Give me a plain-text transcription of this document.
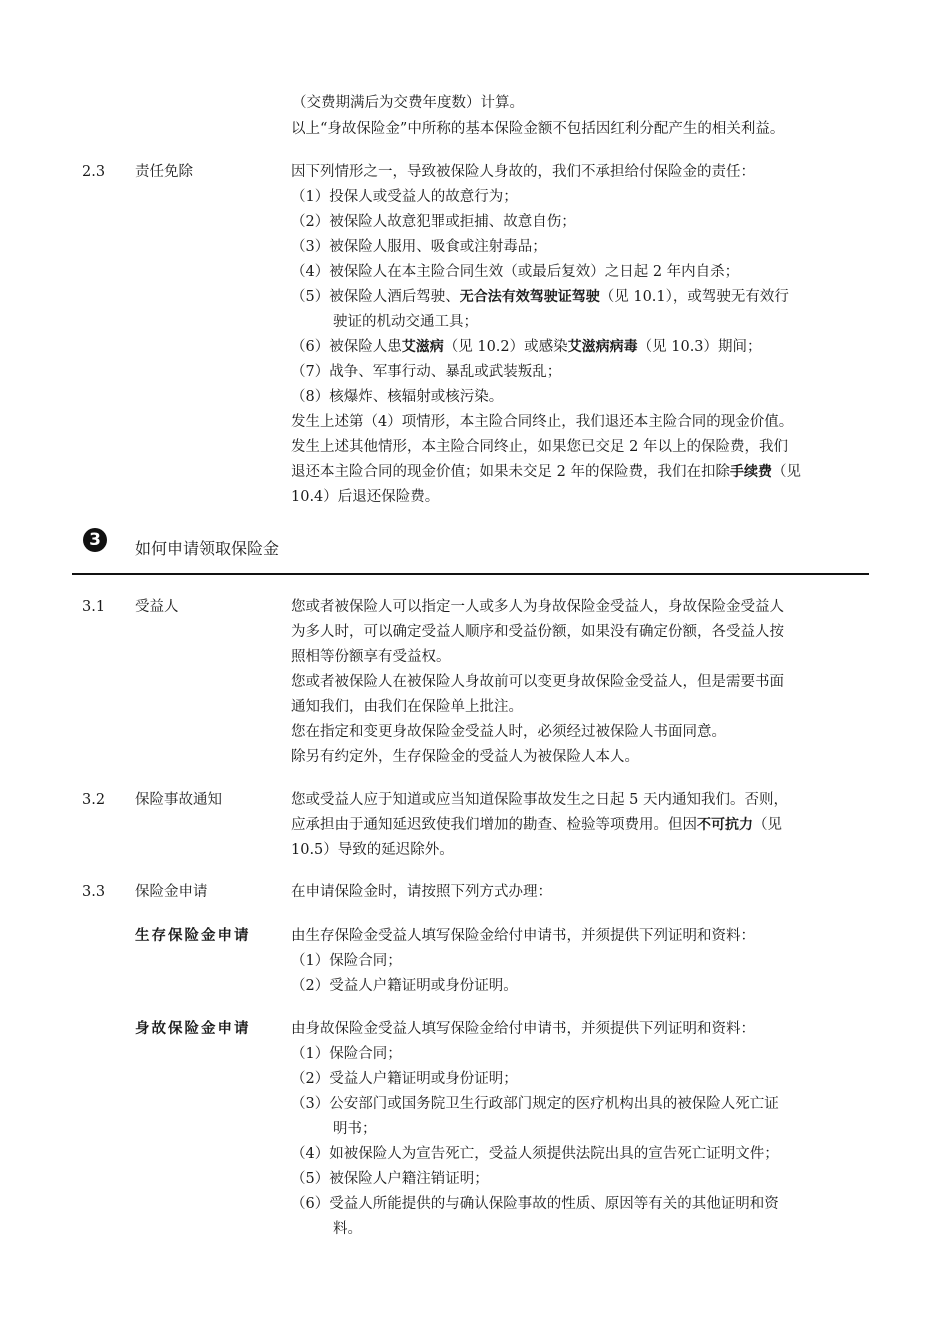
（交费期满后为交费年度数）计算。
以上“身故保险金”中所称的基本保险金额不包括因红利分配产生的相关利益。
2.3 责任免除	因下列情形之一，导致被保险人身故的，我们不承担给付保险金的责任：
（1）投保人或受益人的故意行为；
（2）被保险人故意犯罪或拒捕、故意自伤；
（3）被保险人服用、吸食或注射毒品；
（4）被保险人在本主险合同生效（或最后复效）之日起 2 年内自杀；
（5）被保险人酒后驾驶、无合法有效驾驶证驾驶（见 10.1），或驾驶无有效行
驶证的机动交通工具；
（6）被保险人患艾滋病（见 10.2）或感染艾滋病病毒（见 10.3）期间；
（7）战争、军事行动、暴乱或武装叛乱；
（8）核爆炸、核辐射或核污染。
发生上述第（4）项情形，本主险合同终止，我们退还本主险合同的现金价值。
发生上述其他情形，本主险合同终止，如果您已交足 2 年以上的保险费，我们
退还本主险合同的现金价值；如果未交足 2 年的保险费，我们在扣除手续费（见
10.4）后退还保险费。
3	如何申请领取保险金
3.1 受益人	您或者被保险人可以指定一人或多人为身故保险金受益人，身故保险金受益人
为多人时，可以确定受益人顺序和受益份额，如果没有确定份额，各受益人按
照相等份额享有受益权。
您或者被保险人在被保险人身故前可以变更身故保险金受益人，但是需要书面
通知我们，由我们在保险单上批注。
您在指定和变更身故保险金受益人时，必须经过被保险人书面同意。
除另有约定外，生存保险金的受益人为被保险人本人。
3.2 保险事故通知	您或受益人应于知道或应当知道保险事故发生之日起 5 天内通知我们。否则，
应承担由于通知延迟致使我们增加的勘查、检验等项费用。但因不可抗力（见
10.5）导致的延迟除外。
3.3 保险金申请	在申请保险金时，请按照下列方式办理：
生存保险金申请	由生存保险金受益人填写保险金给付申请书，并须提供下列证明和资料：
（1）保险合同；
（2）受益人户籍证明或身份证明。
身故保险金申请	由身故保险金受益人填写保险金给付申请书，并须提供下列证明和资料：
（1）保险合同；
（2）受益人户籍证明或身份证明；
（3）公安部门或国务院卫生行政部门规定的医疗机构出具的被保险人死亡证
明书；
（4）如被保险人为宣告死亡，受益人须提供法院出具的宣告死亡证明文件；
（5）被保险人户籍注销证明；
（6）受益人所能提供的与确认保险事故的性质、原因等有关的其他证明和资
料。
